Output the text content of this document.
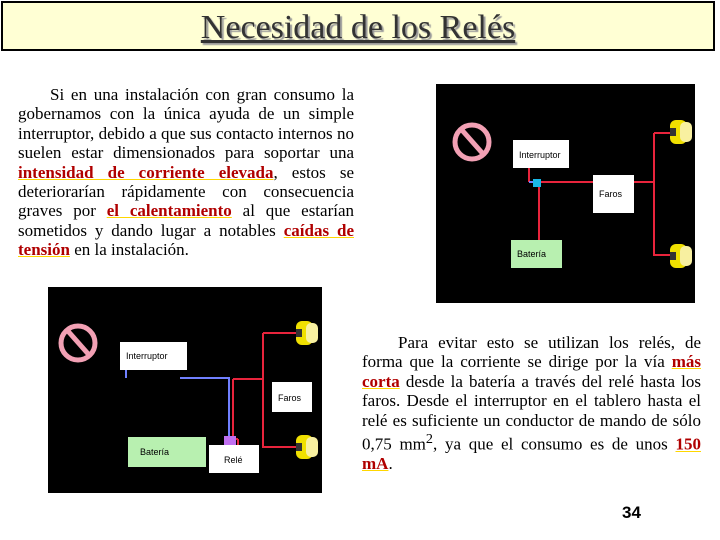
Necesidad de los Relés
Si en una instalación con gran consumo la gobernamos con la única ayuda de un simple interruptor, debido a que sus contacto internos no suelen estar dimensionados para soportar una intensidad de corriente elevada, estos se deteriorarían rápidamente con consecuencia graves por el calentamiento al que estarían sometidos y dando lugar a notables caídas de tensión en la instalación.
Interruptor
Faros
Batería
Interruptor
Faros
Batería
Relé
Para evitar esto se utilizan los relés, de forma que la corriente se dirige por la vía más corta desde la batería a través del relé hasta los faros. Desde el interruptor en el tablero hasta el relé es suficiente un conductor de mando de sólo 0,75 $mm^2$, ya que el consumo es de unos 150 mA.
34
